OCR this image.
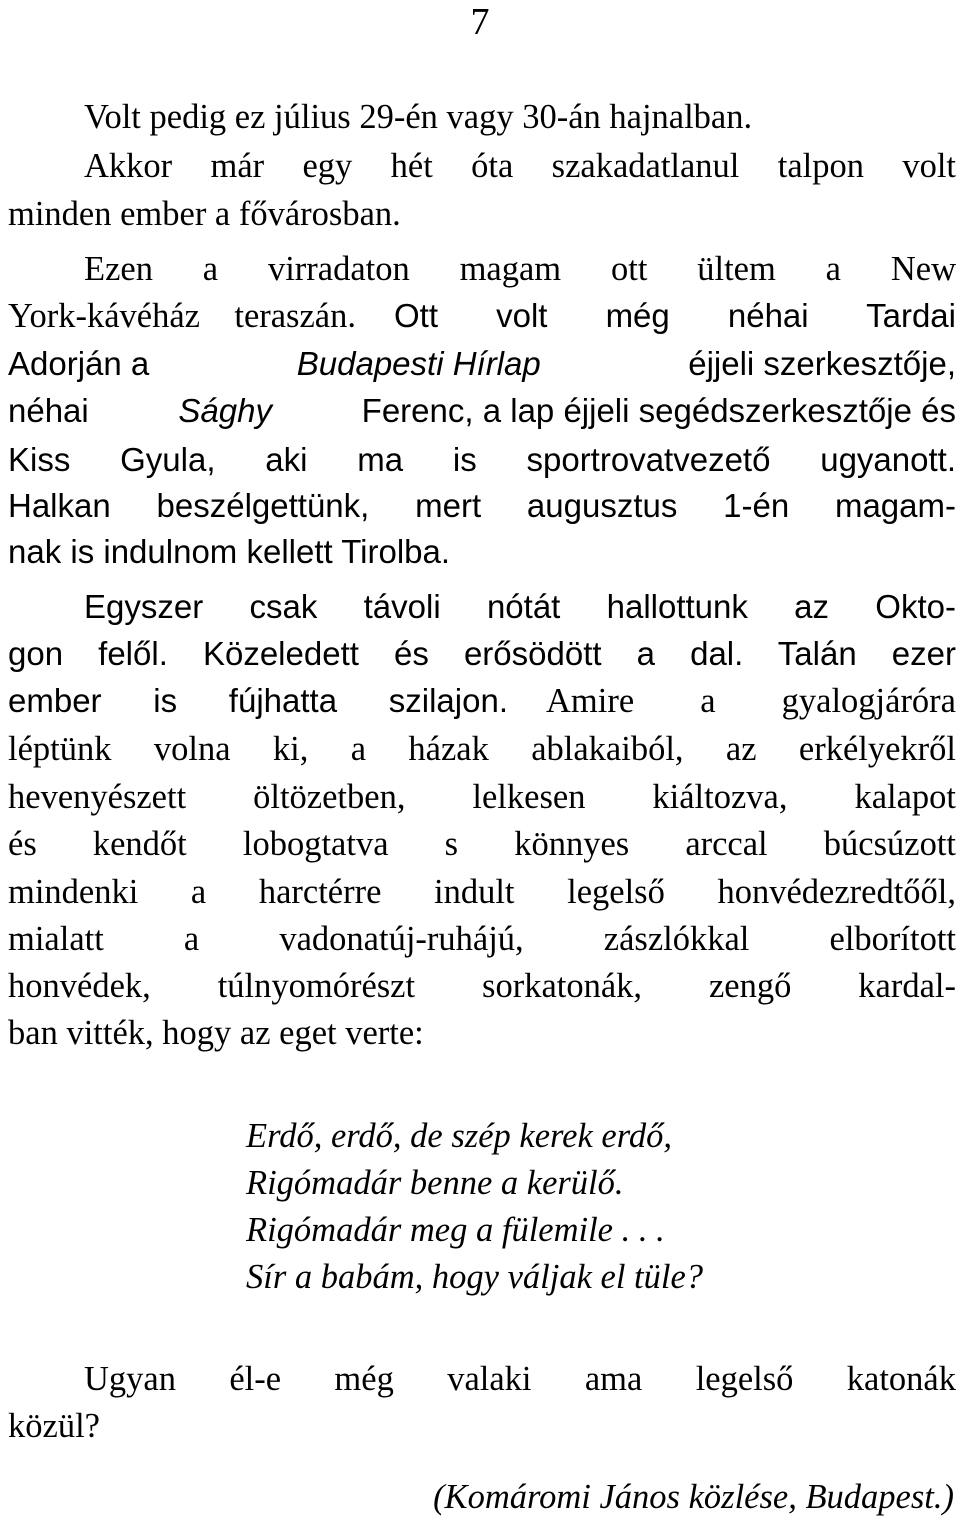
7

Volt pedig ez július 29-én vagy 30-án hajnalban.

Akkor már egy hét óta szakadatlanul talpon volt

minden ember a fővárosban.

Ezen a virradaton magam ott ültem a New

York-kávéház teraszán. Ott volt még néhai Tardai

Adorján a	Budapesti Hírlap	éjjeli szerkesztője,

néhai	Sághy	Ferenc, a lap éjjeli segédszerkesztője és

Kiss Gyula, aki ma is sportrovatvezető ugyanott.

Halkan beszélgettünk, mert augusztus 1-én magam-

nak is indulnom kellett Tirolba.

Egyszer csak távoli nótát hallottunk az Okto-

gon felől. Közeledett és erősödött a dal. Talán ezer

ember is fújhatta szilajon. Amire a gyalogjáróra

léptünk volna ki, a házak ablakaiból, az erkélyekről

hevenyészett öltözetben, lelkesen kiáltozva, kalapot

és kendőt lobogtatva s könnyes arccal búcsúzott

mindenki a harctérre indult legelső honvédezredtőől,

mialatt a vadonatúj-ruhájú, zászlókkal elborított

honvédek, túlnyomórészt sorkatonák, zengő kardal-

ban vitték, hogy az eget verte:

Erdő, erdő, de szép kerek erdő,
Rigómadár benne a kerülő.
Rigómadár meg a fülemile . . .
Sír a babám, hogy váljak el tüle?

Ugyan él-e még valaki ama legelső katonák

közül?

(Komáromi János közlése, Budapest.)
